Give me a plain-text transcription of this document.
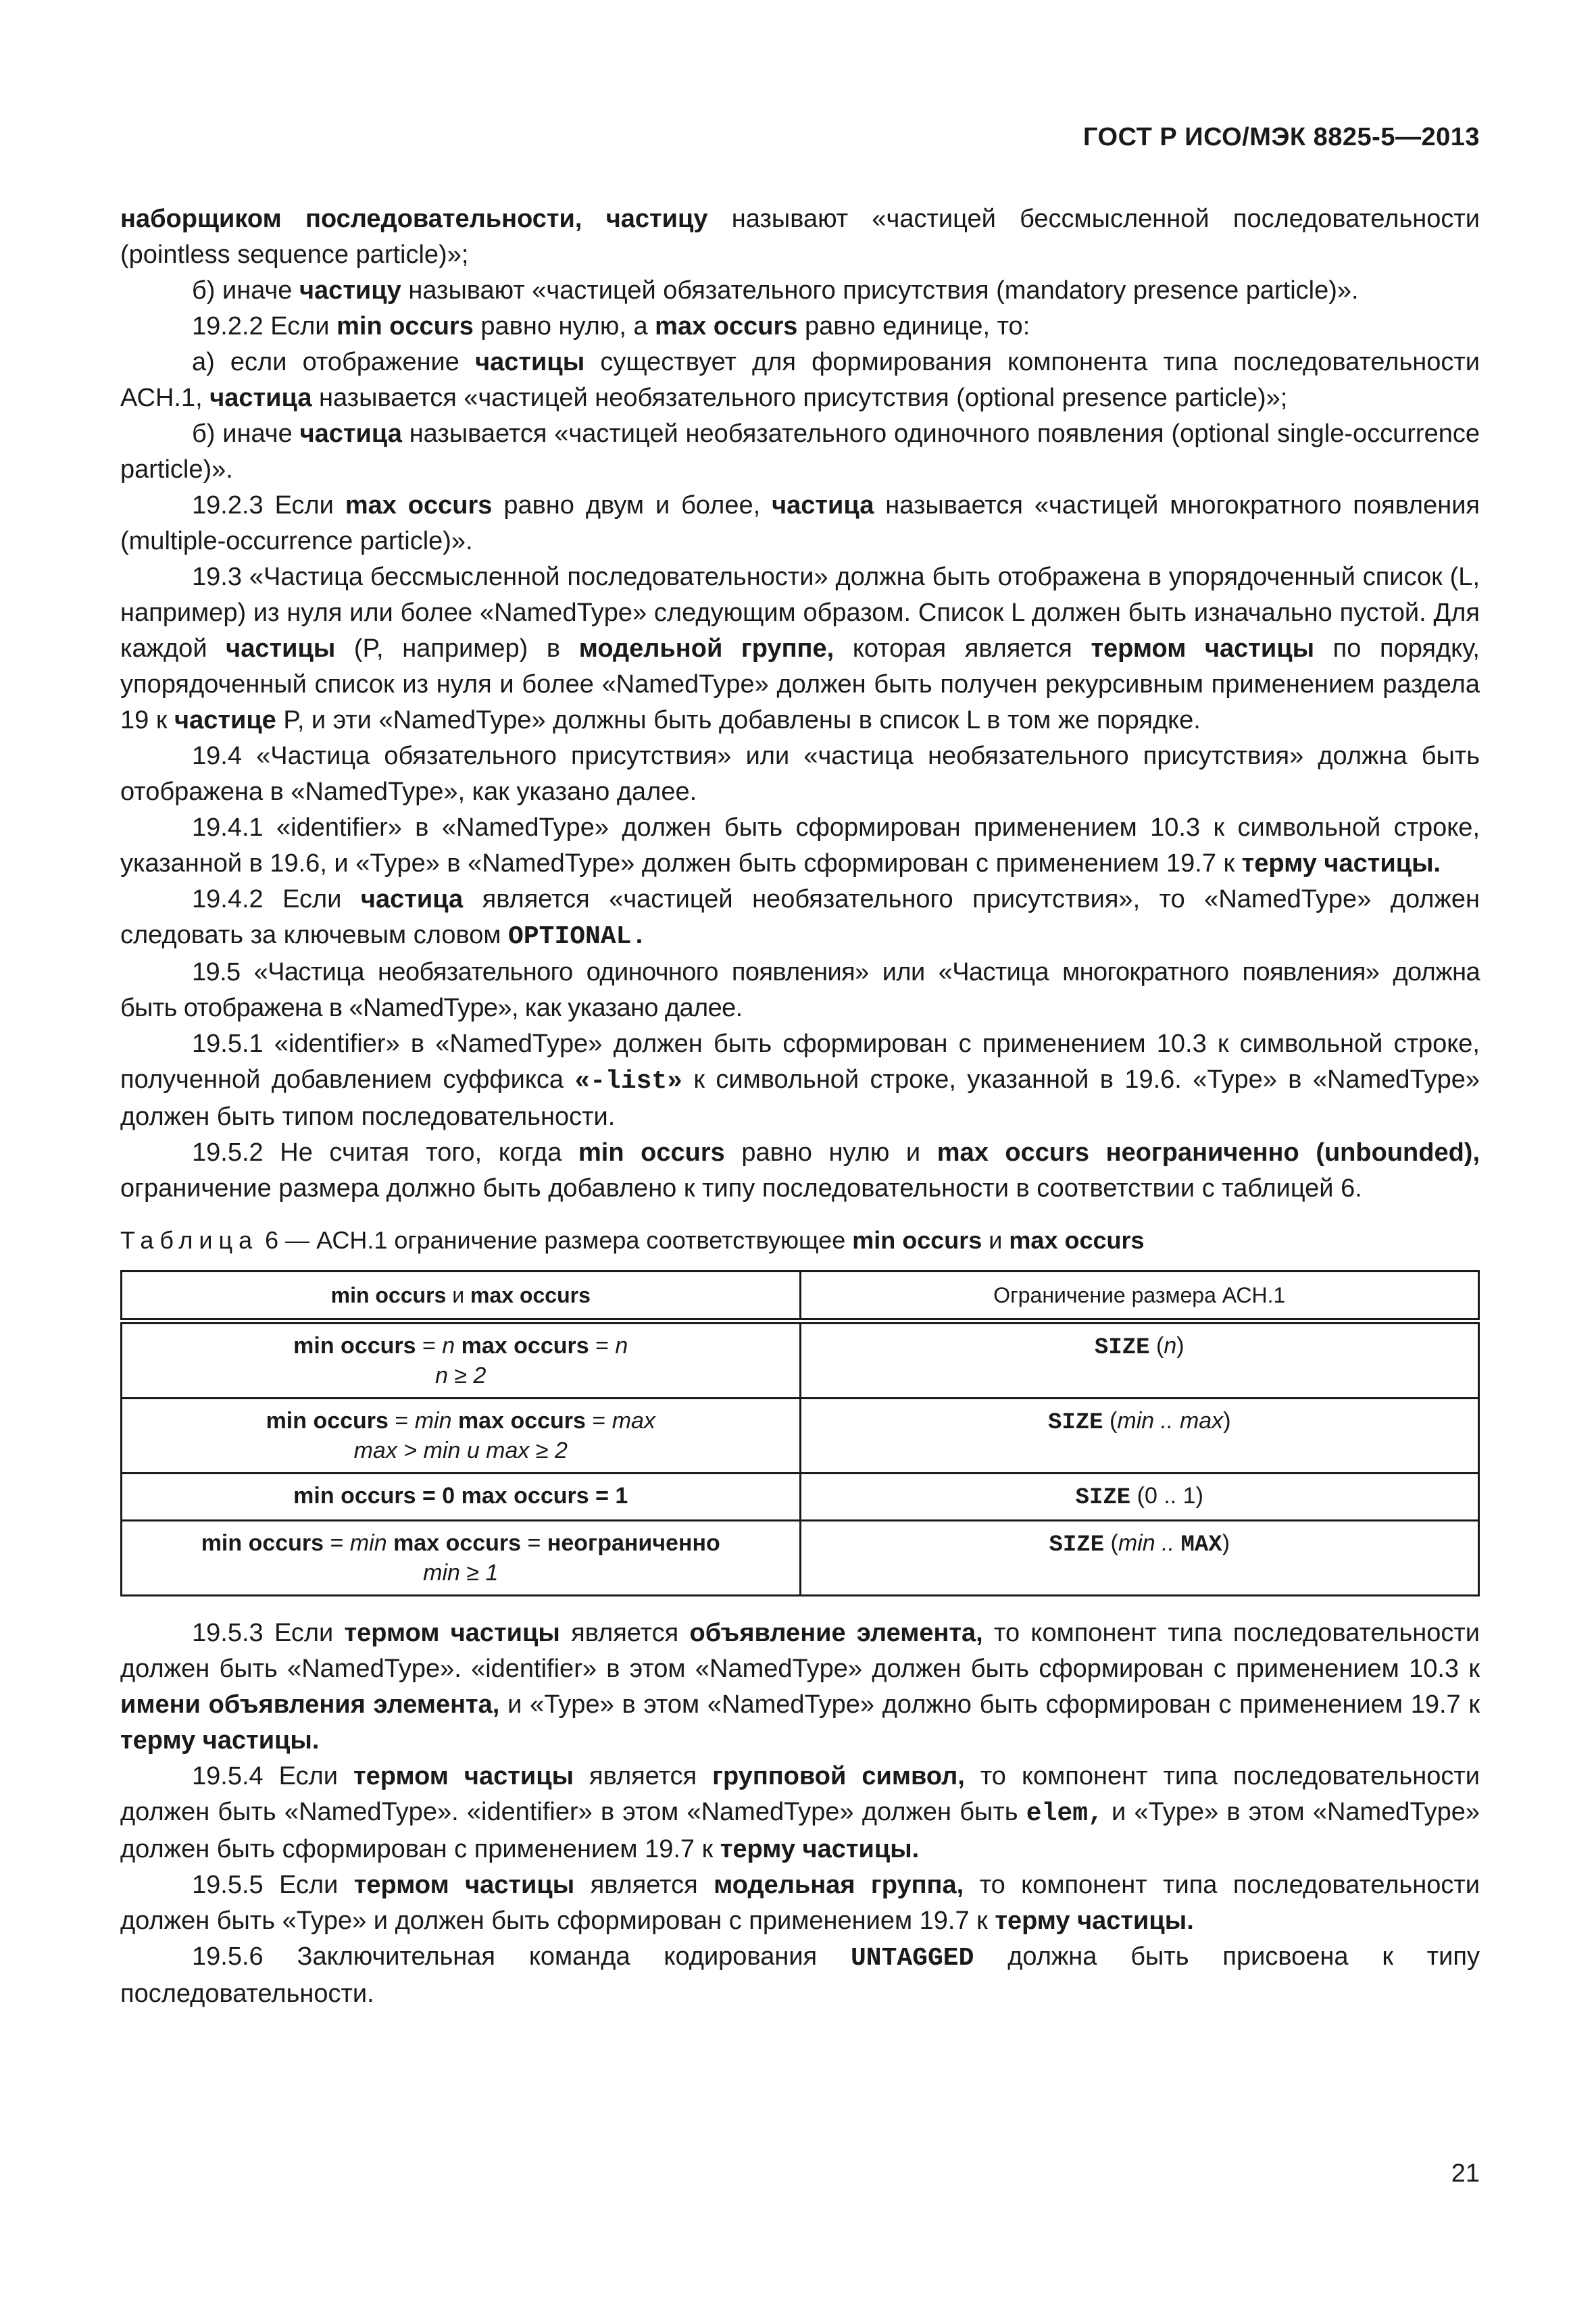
ГОСТ Р ИСО/МЭК 8825-5—2013

наборщиком последовательности, частицу называют «частицей бессмысленной последовательности (pointless sequence particle)»;

б) иначе частицу называют «частицей обязательного присутствия (mandatory presence particle)».

19.2.2 Если min occurs равно нулю, а max occurs равно единице, то:

а) если отображение частицы существует для формирования компонента типа последовательности АСН.1, частица называется «частицей необязательного присутствия (optional presence particle)»;

б) иначе частица называется «частицей необязательного одиночного появления (optional single-occurrence particle)».

19.2.3 Если max occurs равно двум и более, частица называется «частицей многократного появления (multiple-occurrence particle)».

19.3 «Частица бессмысленной последовательности» должна быть отображена в упорядоченный список (L, например) из нуля или более «NamedType» следующим образом. Список L должен быть изначально пустой. Для каждой частицы (P, например) в модельной группе, которая является термом частицы по порядку, упорядоченный список из нуля и более «NamedType» должен быть получен рекурсивным применением раздела 19 к частице P, и эти «NamedType» должны быть добавлены в список L в том же порядке.

19.4 «Частица обязательного присутствия» или «частица необязательного присутствия» должна быть отображена в «NamedType», как указано далее.

19.4.1 «identifier» в «NamedType» должен быть сформирован применением 10.3 к символьной строке, указанной в 19.6, и «Type» в «NamedType» должен быть сформирован с применением 19.7 к терму частицы.

19.4.2 Если частица является «частицей необязательного присутствия», то «NamedType» должен следовать за ключевым словом OPTIONAL.

19.5 «Частица необязательного одиночного появления» или «Частица многократного появления» должна быть отображена в «NamedType», как указано далее.

19.5.1 «identifier» в «NamedType» должен быть сформирован с применением 10.3 к символьной строке, полученной добавлением суффикса «-list» к символьной строке, указанной в 19.6. «Type» в «NamedType» должен быть типом последовательности.

19.5.2 Не считая того, когда min occurs равно нулю и max occurs неограниченно (unbounded), ограничение размера должно быть добавлено к типу последовательности в соответствии с таблицей 6.

Таблица 6 — АСН.1 ограничение размера соответствующее min occurs и max occurs
min occurs и max occurs	Ограничение размера АСН.1
min occurs = n max occurs = n
n ≥ 2	SIZE (n)
min occurs = min max occurs = max
max > min и max ≥ 2	SIZE (min .. max)
min occurs = 0 max occurs = 1	SIZE (0 .. 1)
min occurs = min max occurs = неограниченно
min ≥ 1	SIZE (min .. MAX)

19.5.3 Если термом частицы является объявление элемента, то компонент типа последовательности должен быть «NamedType». «identifier» в этом «NamedType» должен быть сформирован с применением 10.3 к имени объявления элемента, и «Type» в этом «NamedType» должно быть сформирован с применением 19.7 к терму частицы.

19.5.4 Если термом частицы является групповой символ, то компонент типа последовательности должен быть «NamedType». «identifier» в этом «NamedType» должен быть elem, и «Type» в этом «NamedType» должен быть сформирован с применением 19.7 к терму частицы.

19.5.5 Если термом частицы является модельная группа, то компонент типа последовательности должен быть «Type» и должен быть сформирован с применением 19.7 к терму частицы.

19.5.6 Заключительная команда кодирования UNTAGGED должна быть присвоена к типу последовательности.

21
